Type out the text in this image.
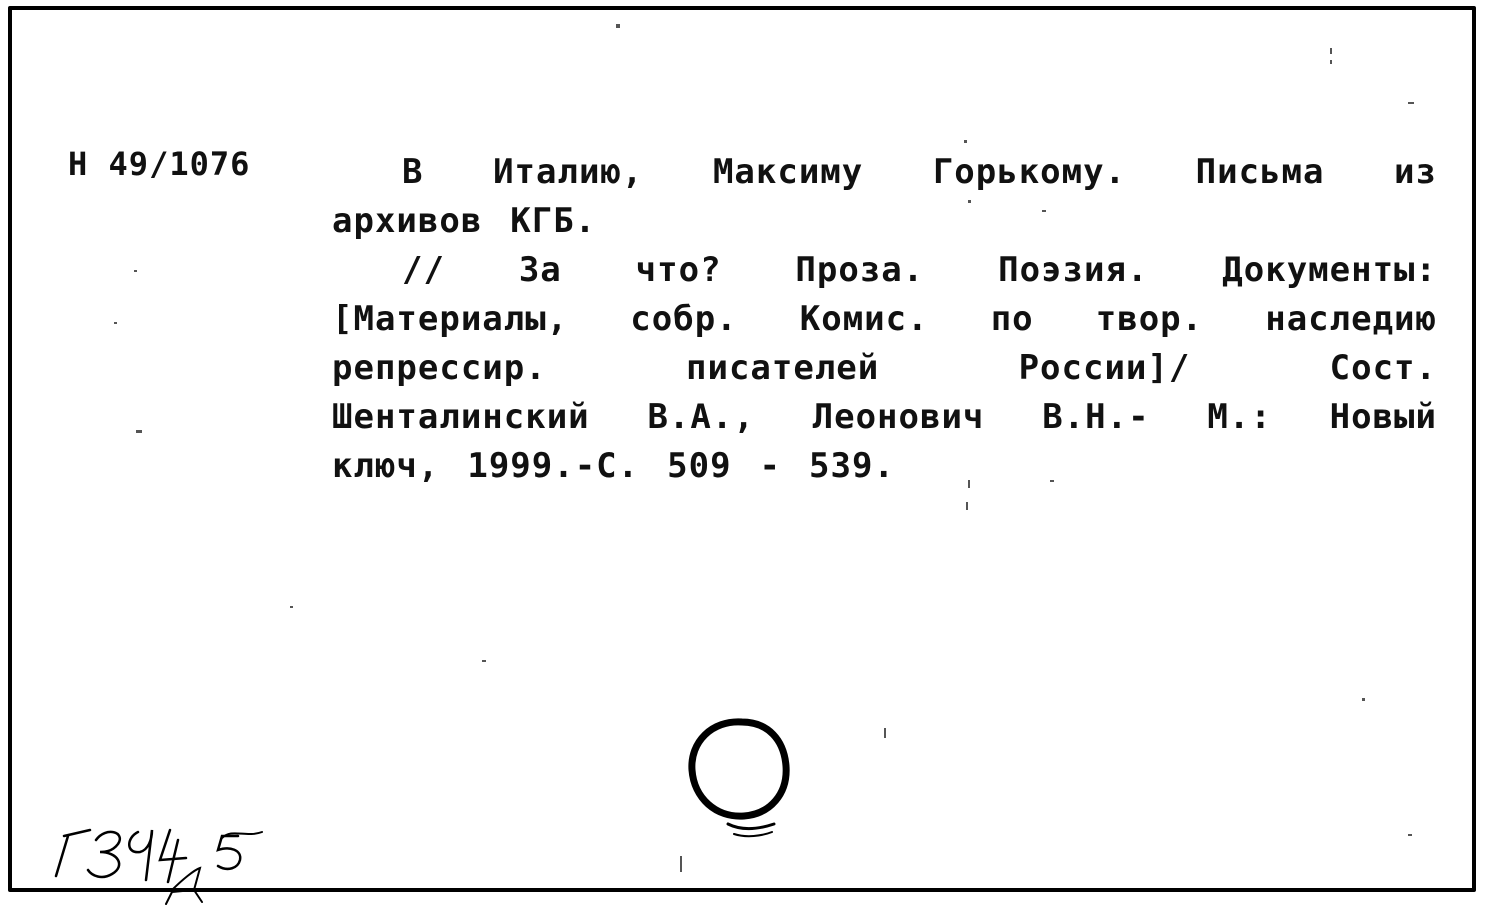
Н 49/1076	В Италию, Максиму Горькому. Письма из
архивов КГБ.
// За что? Проза. Поэзия. Документы:
[Материалы, собр. Комис. по твор. наследию
репрессир.	писателей	России]/	Сост.
Шенталинский В.А., Леонович В.Н.- М.: Новый
ключ, 1999.-С. 509 - 539.
